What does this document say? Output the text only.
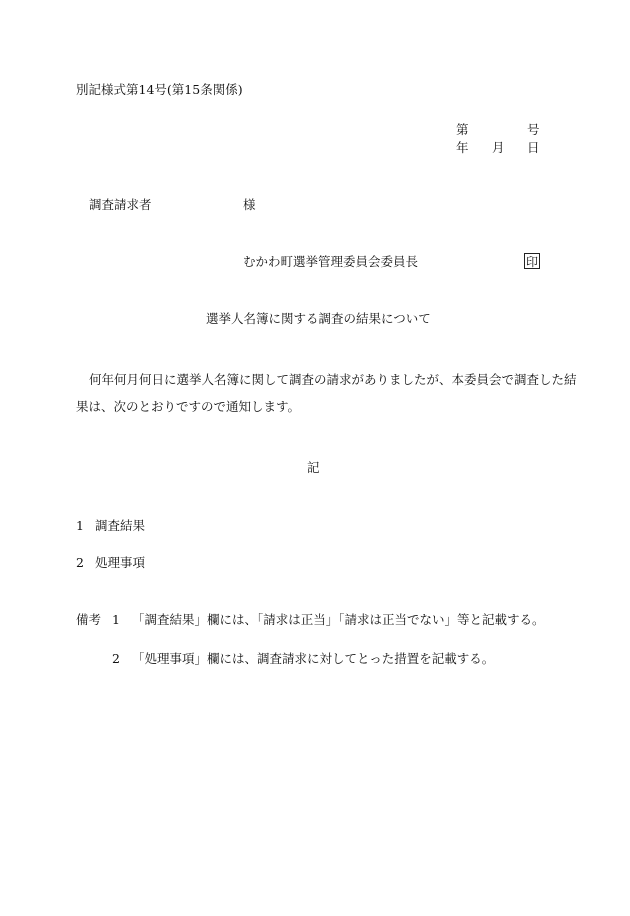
別記様式第14号(第15条関係)
第	号
年 月 日
調査請求者	様
むかわ町選挙管理委員会委員長	印
選挙人名簿に関する調査の結果について
何年何月何日に選挙人名簿に関して調査の請求がありましたが、本委員会で調査した結
果は、次のとおりですので通知します。
記
1 調査結果
2 処理事項
備考 1 「調査結果」欄には、「請求は正当」「請求は正当でない」等と記載する。
2 「処理事項」欄には、調査請求に対してとった措置を記載する。
